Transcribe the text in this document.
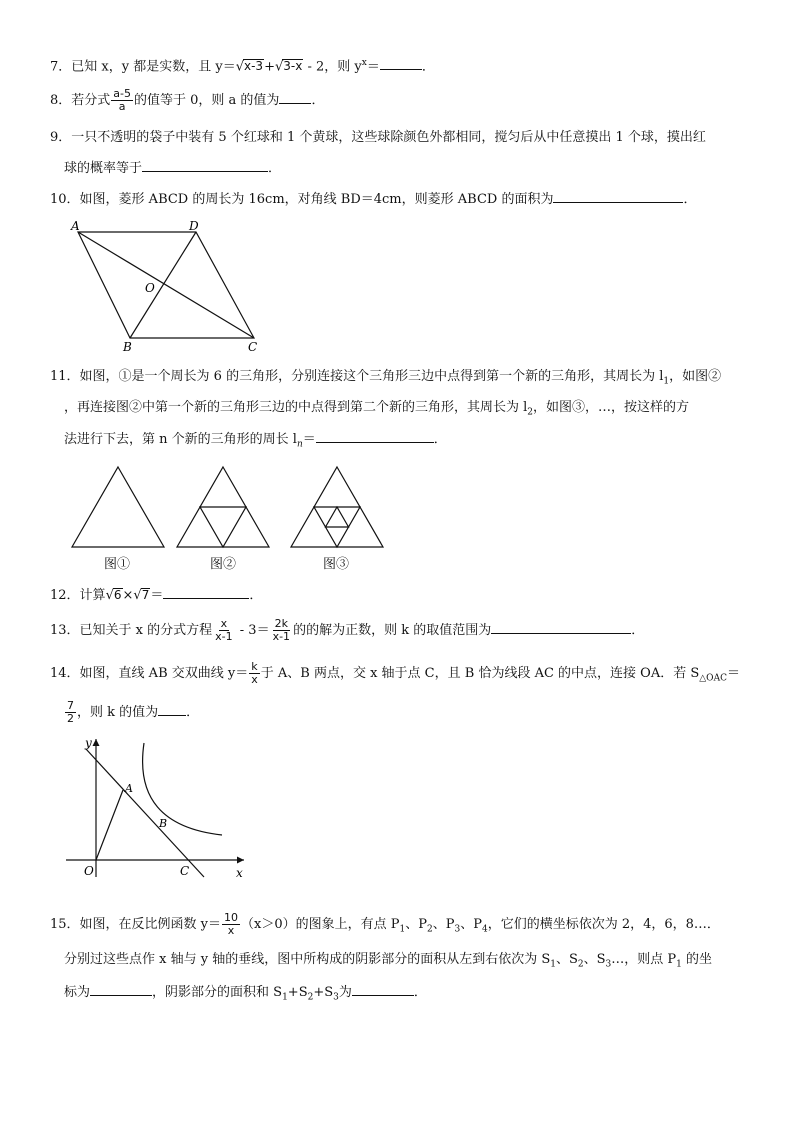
7．已知 x，y 都是实数，且 y＝√x-3+√3-x - 2，则 $y^x=$	．
8．若分式 $\frac{a-5}{a}$ 的值等于 0，则 a 的值为 ．
9．一只不透明的袋子中装有 5 个红球和 1 个黄球，这些球除颜色外都相同，搅匀后从中任意摸出 1 个球，摸出红
球的概率等于	．
10．如图，菱形 ABCD 的周长为 16cm，对角线 BD＝4cm，则菱形 ABCD 的面积为	．
A	D
O
B	C
11．如图，①是一个周长为 6 的三角形，分别连接这个三角形三边中点得到第一个新的三角形，其周长为 $l_1$，如图②
，再连接图②中第一个新的三角形三边的中点得到第二个新的三角形，其周长为 $l_2$，如图③，…，按这样的方
法进行下去，第 n 个新的三角形的周长 $l_n=$	．
图①	图②	图③
12．计算√6×√7＝	．
13．已知关于 x 的分式方程 $\frac{x}{x-1} - 3= \frac{2k}{x-1}$ 的的解为正数，则 k 的取值范围为	．
14．如图，直线 AB 交双曲线 $y= \frac{k}{x}$ 于 A、B 两点，交 x 轴于点 C，且 B 恰为线段 AC 的中点，连接 OA．若 $S_{\triangle OAC}=$
$\frac{7}{2}$ ，则 k 的值为 ．
y
A
B
O	C	x
15．如图，在反比例函数 $y= \frac{10}{x} (x>0)$的图象上，有点 $P_1$、$P_2$、$P_3$、$P_4$，它们的横坐标依次为 2，4，6，8…．
分别过这些点作 x 轴与 y 轴的垂线，图中所构成的阴影部分的面积从左到右依次为 $S_1$、$S_2$、$S_3\dots$，则点 $P_1$ 的坐
标为	，阴影部分的面积和 $S_1+S_2+S_3$为	．
